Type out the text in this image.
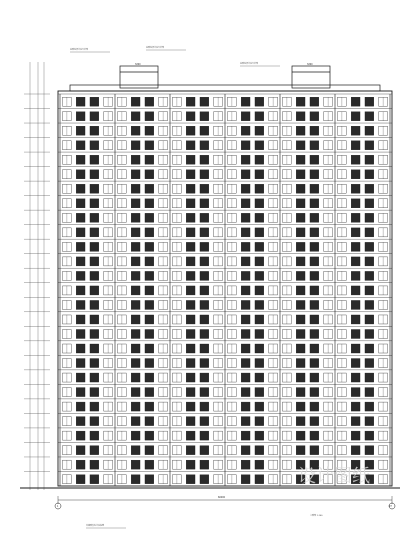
屋面构架详见大样图
屋面构架详见大样图
屋面构架详见大样图
3200	3200
60200
1	27
外墙面装饰详见说明
立面图 1:100
设计图纸
